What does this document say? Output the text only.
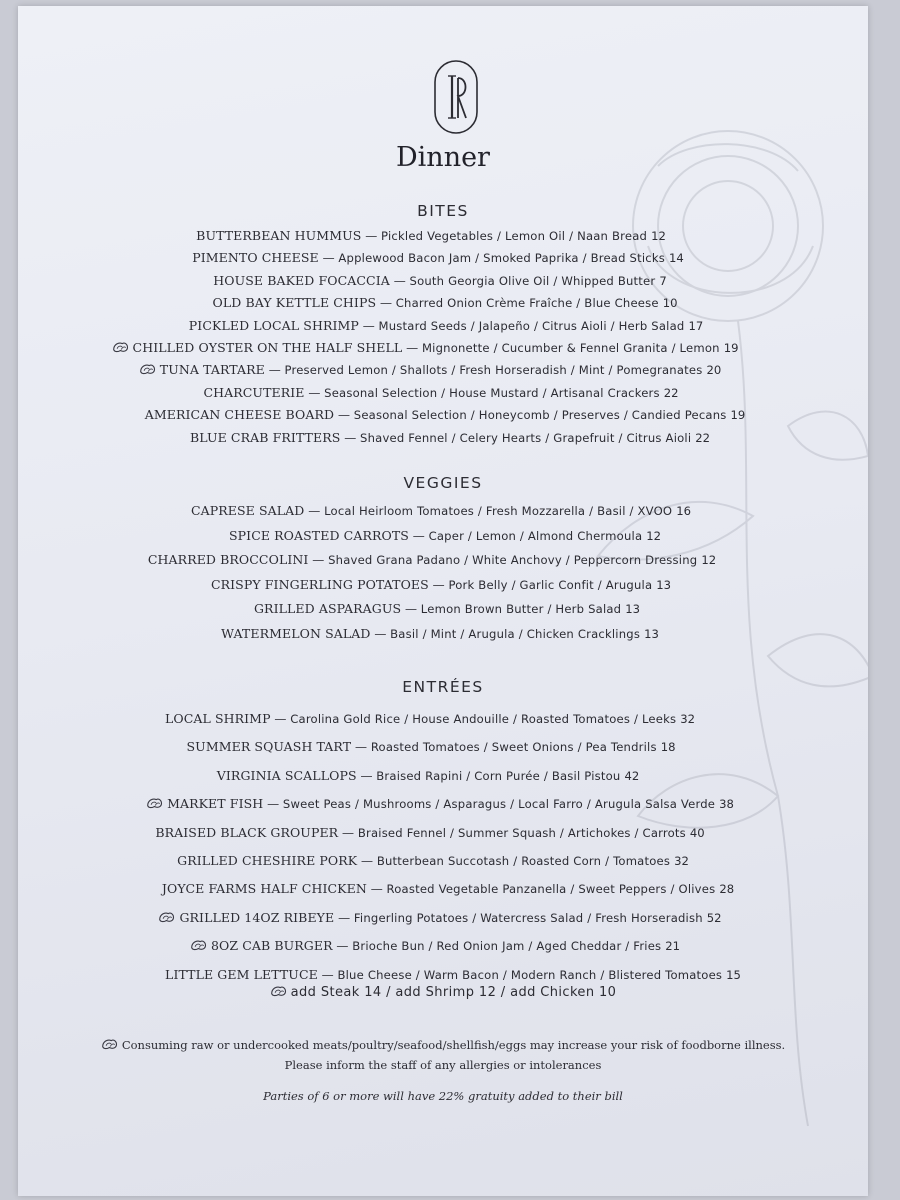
Dinner
BITES
BUTTERBEAN HUMMUS — Pickled Vegetables / Lemon Oil / Naan Bread 12
PIMENTO CHEESE — Applewood Bacon Jam / Smoked Paprika / Bread Sticks 14
HOUSE BAKED FOCACCIA — South Georgia Olive Oil / Whipped Butter 7
OLD BAY KETTLE CHIPS — Charred Onion Crème Fraîche / Blue Cheese 10
PICKLED LOCAL SHRIMP — Mustard Seeds / Jalapeño / Citrus Aioli / Herb Salad 17
CHILLED OYSTER ON THE HALF SHELL — Mignonette / Cucumber & Fennel Granita / Lemon 19
TUNA TARTARE — Preserved Lemon / Shallots / Fresh Horseradish / Mint / Pomegranates 20
CHARCUTERIE — Seasonal Selection / House Mustard / Artisanal Crackers 22
AMERICAN CHEESE BOARD — Seasonal Selection / Honeycomb / Preserves / Candied Pecans 19
BLUE CRAB FRITTERS — Shaved Fennel / Celery Hearts / Grapefruit / Citrus Aioli 22
VEGGIES
CAPRESE SALAD — Local Heirloom Tomatoes / Fresh Mozzarella / Basil / XVOO 16
SPICE ROASTED CARROTS — Caper / Lemon / Almond Chermoula 12
CHARRED BROCCOLINI — Shaved Grana Padano / White Anchovy / Peppercorn Dressing 12
CRISPY FINGERLING POTATOES — Pork Belly / Garlic Confit / Arugula 13
GRILLED ASPARAGUS — Lemon Brown Butter / Herb Salad 13
WATERMELON SALAD — Basil / Mint / Arugula / Chicken Cracklings 13
ENTRÉES
LOCAL SHRIMP — Carolina Gold Rice / House Andouille / Roasted Tomatoes / Leeks 32
SUMMER SQUASH TART — Roasted Tomatoes / Sweet Onions / Pea Tendrils 18
VIRGINIA SCALLOPS — Braised Rapini / Corn Purée / Basil Pistou 42
MARKET FISH — Sweet Peas / Mushrooms / Asparagus / Local Farro / Arugula Salsa Verde 38
BRAISED BLACK GROUPER — Braised Fennel / Summer Squash / Artichokes / Carrots 40
GRILLED CHESHIRE PORK — Butterbean Succotash / Roasted Corn / Tomatoes 32
JOYCE FARMS HALF CHICKEN — Roasted Vegetable Panzanella / Sweet Peppers / Olives 28
GRILLED 14OZ RIBEYE — Fingerling Potatoes / Watercress Salad / Fresh Horseradish 52
8OZ CAB BURGER — Brioche Bun / Red Onion Jam / Aged Cheddar / Fries 21
LITTLE GEM LETTUCE — Blue Cheese / Warm Bacon / Modern Ranch / Blistered Tomatoes 15
add Steak 14 / add Shrimp 12 / add Chicken 10
Consuming raw or undercooked meats/poultry/seafood/shellfish/eggs may increase your risk of foodborne illness.
Please inform the staff of any allergies or intolerances
Parties of 6 or more will have 22% gratuity added to their bill
